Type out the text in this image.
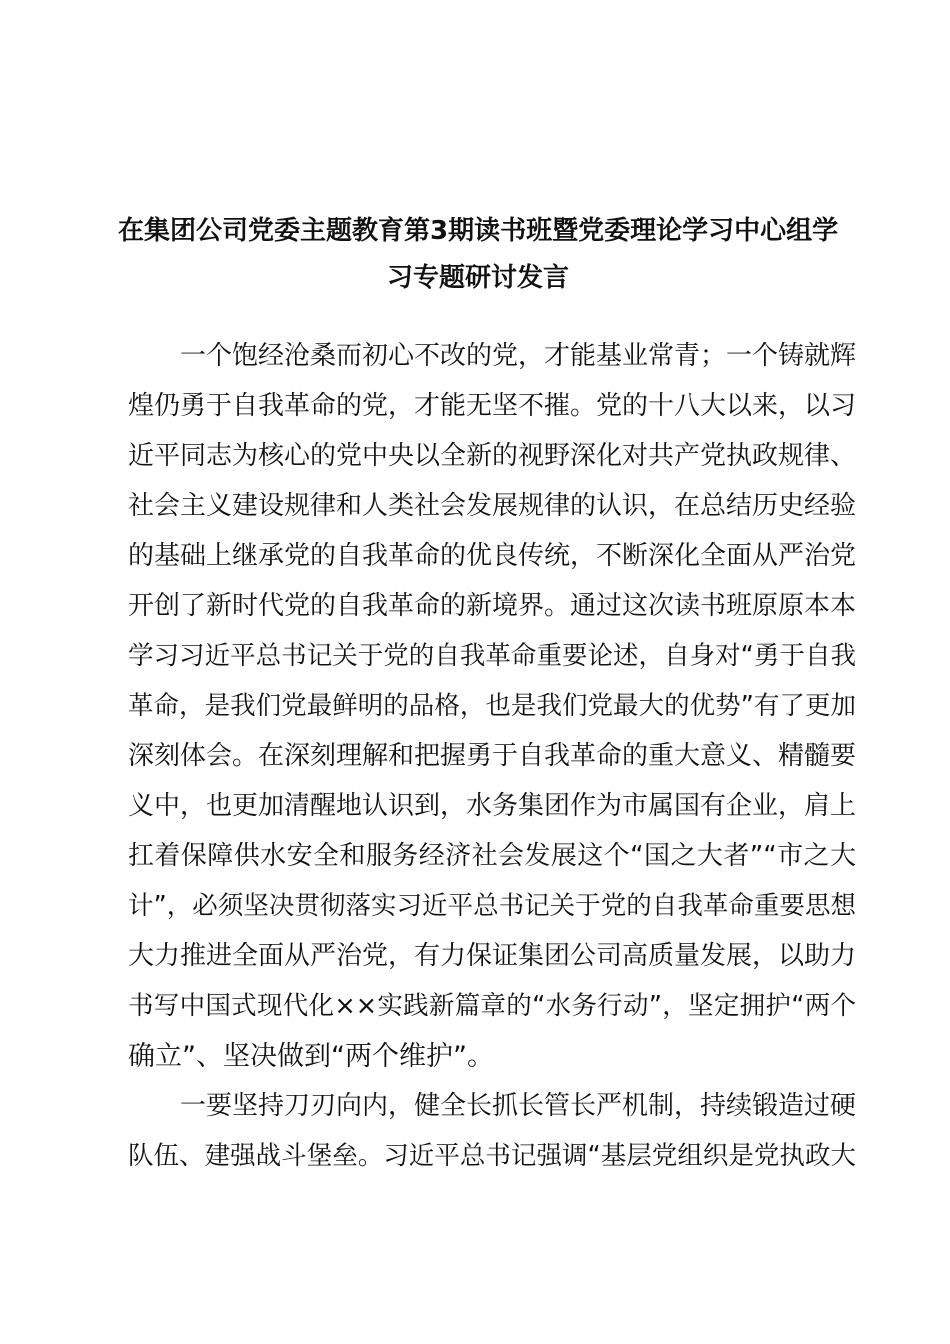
在集团公司党委主题教育第3期读书班暨党委理论学习中心组学
习专题研讨发言
一个饱经沧桑而初心不改的党，才能基业常青；一个铸就辉
煌仍勇于自我革命的党，才能无坚不摧。党的十八大以来，以习
近平同志为核心的党中央以全新的视野深化对共产党执政规律、
社会主义建设规律和人类社会发展规律的认识，在总结历史经验
的基础上继承党的自我革命的优良传统，不断深化全面从严治党
开创了新时代党的自我革命的新境界。通过这次读书班原原本本
学习习近平总书记关于党的自我革命重要论述，自身对“勇于自我
革命，是我们党最鲜明的品格，也是我们党最大的优势”有了更加
深刻体会。在深刻理解和把握勇于自我革命的重大意义、精髓要
义中，也更加清醒地认识到，水务集团作为市属国有企业，肩上
扛着保障供水安全和服务经济社会发展这个“国之大者”“市之大
计”，必须坚决贯彻落实习近平总书记关于党的自我革命重要思想
大力推进全面从严治党，有力保证集团公司高质量发展，以助力
书写中国式现代化××实践新篇章的“水务行动”，坚定拥护“两个
确立”、坚决做到“两个维护”。
一要坚持刀刃向内，健全长抓长管长严机制，持续锻造过硬
队伍、建强战斗堡垒。习近平总书记强调“基层党组织是党执政大
